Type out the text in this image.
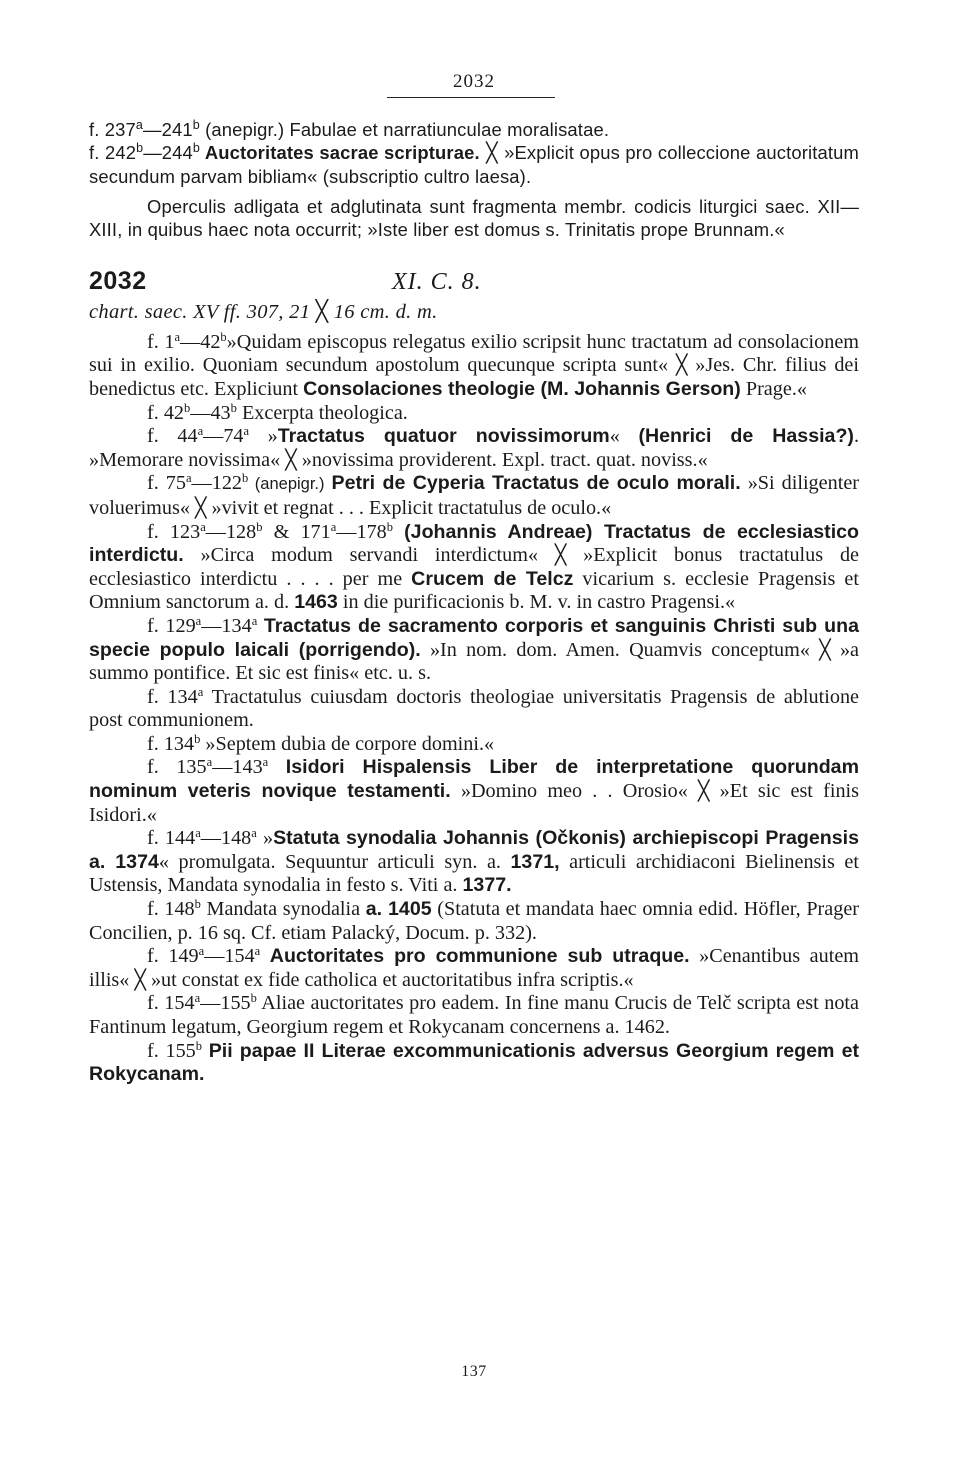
2032

f. 237$^a$—241$^b$ (anepigr.) Fabulae et narratiunculae moralisatae.

f. 242$^b$—244$^b$ Auctoritates sacrae scripturae. ╳ »Explicit opus pro colleccione auctoritatum secundum parvam bibliam« (subscriptio cultro laesa).

Operculis adligata et adglutinata sunt fragmenta membr. codicis liturgici saec. XII—XIII, in quibus haec nota occurrit; »Iste liber est domus s. Trinitatis prope Brunnam.«

2032	XI. C. 8.
chart. saec. XV ff. 307, 21 ╳ 16 cm. d. m.

f. 1$^a$—42$^b$»Quidam episcopus relegatus exilio scripsit hunc tractatum ad consolacionem sui in exilio. Quoniam secundum apostolum quecunque scripta sunt« ╳ »Jes. Chr. filius dei benedictus etc. Expliciunt Consolaciones theologie (M. Johannis Gerson) Prage.«

f. 42$^b$—43$^b$ Excerpta theologica.

f. 44$^a$—74$^a$ »Tractatus quatuor novissimorum« (Henrici de Hassia?). »Memorare novissima« ╳ »novissima providerent. Expl. tract. quat. noviss.«

f. 75$^a$—122$^b$ (anepigr.) Petri de Cyperia Tractatus de oculo morali. »Si diligenter voluerimus« ╳ »vivit et regnat . . . Explicit tractatulus de oculo.«

f. 123$^a$—128$^b$ & 171$^a$—178$^b$ (Johannis Andreae) Tractatus de ecclesiastico interdictu. »Circa modum servandi interdictum« ╳ »Explicit bonus tractatulus de ecclesiastico interdictu . . . . per me Crucem de Telcz vicarium s. ecclesie Pragensis et Omnium sanctorum a. d. 1463 in die purificacionis b. M. v. in castro Pragensi.«

f. 129$^a$—134$^a$ Tractatus de sacramento corporis et sanguinis Christi sub una specie populo laicali (porrigendo). »In nom. dom. Amen. Quamvis conceptum« ╳ »a summo pontifice. Et sic est finis« etc. u. s.

f. 134$^a$ Tractatulus cuiusdam doctoris theologiae universitatis Pragensis de ablutione post communionem.

f. 134$^b$ »Septem dubia de corpore domini.«

f. 135$^a$—143$^a$ Isidori Hispalensis Liber de interpretatione quorundam nominum veteris novique testamenti. »Domino meo . . Orosio« ╳ »Et sic est finis Isidori.«

f. 144$^a$—148$^a$ »Statuta synodalia Johannis (Očkonis) archiepiscopi Pragensis a. 1374« promulgata. Sequuntur articuli syn. a. 1371, articuli archidiaconi Bielinensis et Ustensis, Mandata synodalia in festo s. Viti a. 1377.

f. 148$^b$ Mandata synodalia a. 1405 (Statuta et mandata haec omnia edid. Höfler, Prager Concilien, p. 16 sq. Cf. etiam Palacký, Docum. p. 332).

f. 149$^a$—154$^a$ Auctoritates pro communione sub utraque. »Cenantibus autem illis« ╳ »ut constat ex fide catholica et auctoritatibus infra scriptis.«

f. 154$^a$—155$^b$ Aliae auctoritates pro eadem. In fine manu Crucis de Telč scripta est nota Fantinum legatum, Georgium regem et Rokycanam concernens a. 1462.

f. 155$^b$ Pii papae II Literae excommunicationis adversus Georgium regem et Rokycanam.

137
